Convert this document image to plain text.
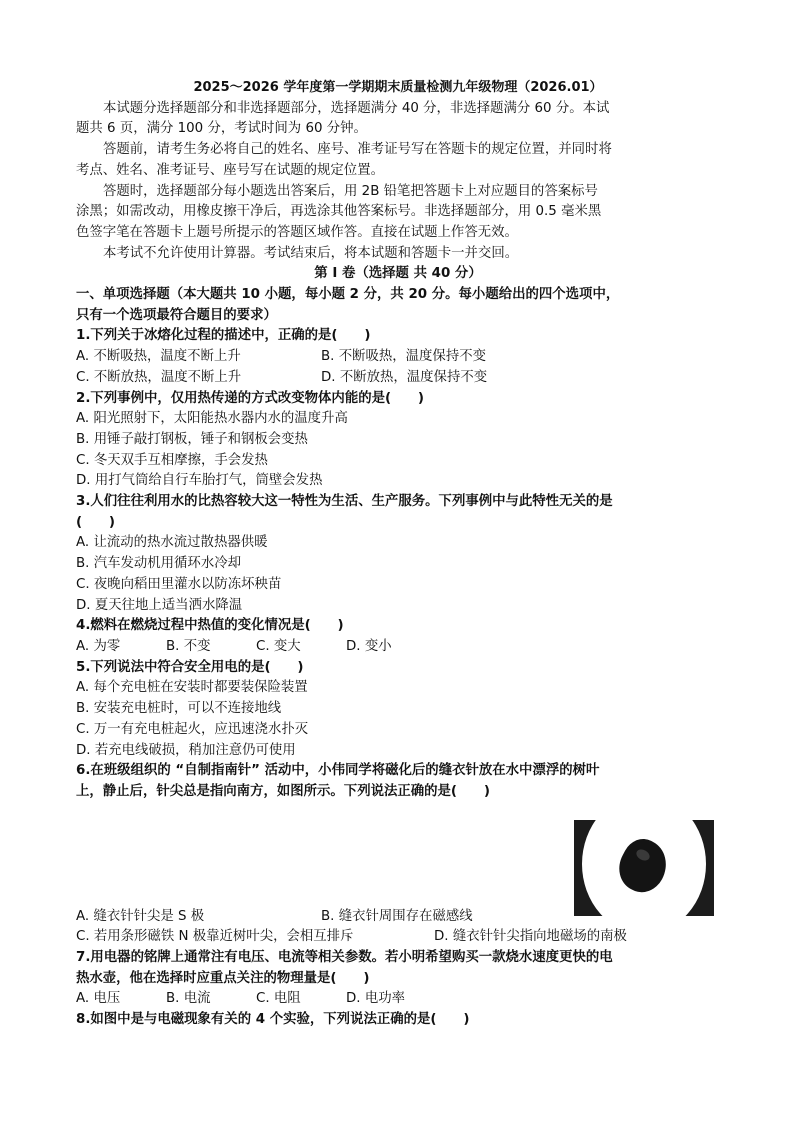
2025～2026 学年度第一学期期末质量检测九年级物理（2026.01）
本试题分选择题部分和非选择题部分，选择题满分 40 分，非选择题满分 60 分。本试
题共 6 页，满分 100 分，考试时间为 60 分钟。
答题前，请考生务必将自己的姓名、座号、准考证号写在答题卡的规定位置，并同时将
考点、姓名、准考证号、座号写在试题的规定位置。
答题时，选择题部分每小题选出答案后，用 2B 铅笔把答题卡上对应题目的答案标号
涂黑；如需改动，用橡皮擦干净后，再选涂其他答案标号。非选择题部分，用 0.5 毫米黑
色签字笔在答题卡上题号所提示的答题区域作答。直接在试题上作答无效。
本考试不允许使用计算器。考试结束后，将本试题和答题卡一并交回。
第 Ⅰ 卷（选择题 共 40 分）
一、单项选择题（本大题共 10 小题，每小题 2 分，共 20 分。每小题给出的四个选项中，
只有一个选项最符合题目的要求）
1.下列关于冰熔化过程的描述中，正确的是(　　)
A. 不断吸热，温度不断上升	B. 不断吸热，温度保持不变
C. 不断放热，温度不断上升	D. 不断放热，温度保持不变
2.下列事例中，仅用热传递的方式改变物体内能的是(　　)
A. 阳光照射下，太阳能热水器内水的温度升高
B. 用锤子敲打钢板，锤子和钢板会变热
C. 冬天双手互相摩擦，手会发热
D. 用打气筒给自行车胎打气，筒壁会发热
3.人们往往利用水的比热容较大这一特性为生活、生产服务。下列事例中与此特性无关的是
(　　)
A. 让流动的热水流过散热器供暖
B. 汽车发动机用循环水冷却
C. 夜晚向稻田里灌水以防冻坏秧苗
D. 夏天往地上适当洒水降温
4.燃料在燃烧过程中热值的变化情况是(　　)
A. 为零	B. 不变	C. 变大	D. 变小
5.下列说法中符合安全用电的是(　　)
A. 每个充电桩在安装时都要装保险装置
B. 安装充电桩时，可以不连接地线
C. 万一有充电桩起火，应迅速浇水扑灭
D. 若充电线破损，稍加注意仍可使用
6.在班级组织的 “自制指南针” 活动中，小伟同学将磁化后的缝衣针放在水中漂浮的树叶
上，静止后，针尖总是指向南方，如图所示。下列说法正确的是(　　)
A. 缝衣针针尖是 S 极	B. 缝衣针周围存在磁感线
C. 若用条形磁铁 N 极靠近树叶尖，会相互排斥	D. 缝衣针针尖指向地磁场的南极
7.用电器的铭牌上通常注有电压、电流等相关参数。若小明希望购买一款烧水速度更快的电
热水壶，他在选择时应重点关注的物理量是(　　)
A. 电压	B. 电流	C. 电阻	D. 电功率
8.如图中是与电磁现象有关的 4 个实验，下列说法正确的是(　　)
